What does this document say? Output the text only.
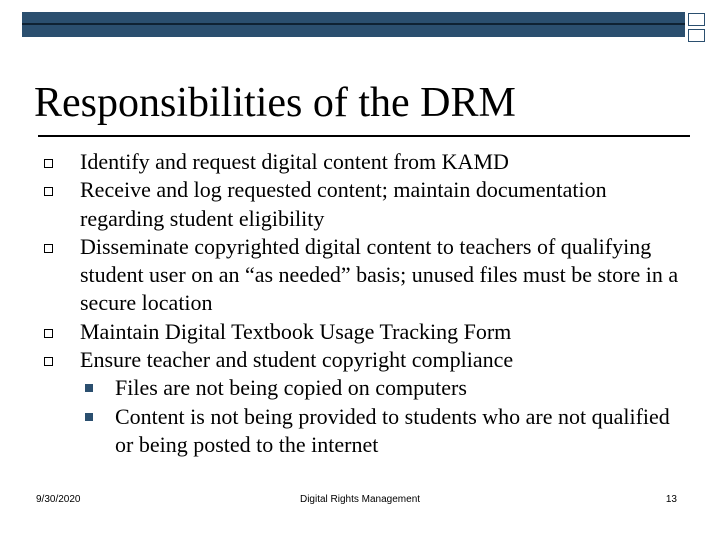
Responsibilities of the DRM
Identify and request digital content from KAMD
Receive and log requested content; maintain documentation regarding student eligibility
Disseminate copyrighted digital content to teachers of qualifying student user on an “as needed” basis; unused files must be store in a secure location
Maintain Digital Textbook Usage Tracking Form
Ensure teacher and student copyright compliance
Files are not being copied on computers
Content is not being provided to students who are not qualified or being posted to the internet
9/30/2020	Digital Rights Management	13
